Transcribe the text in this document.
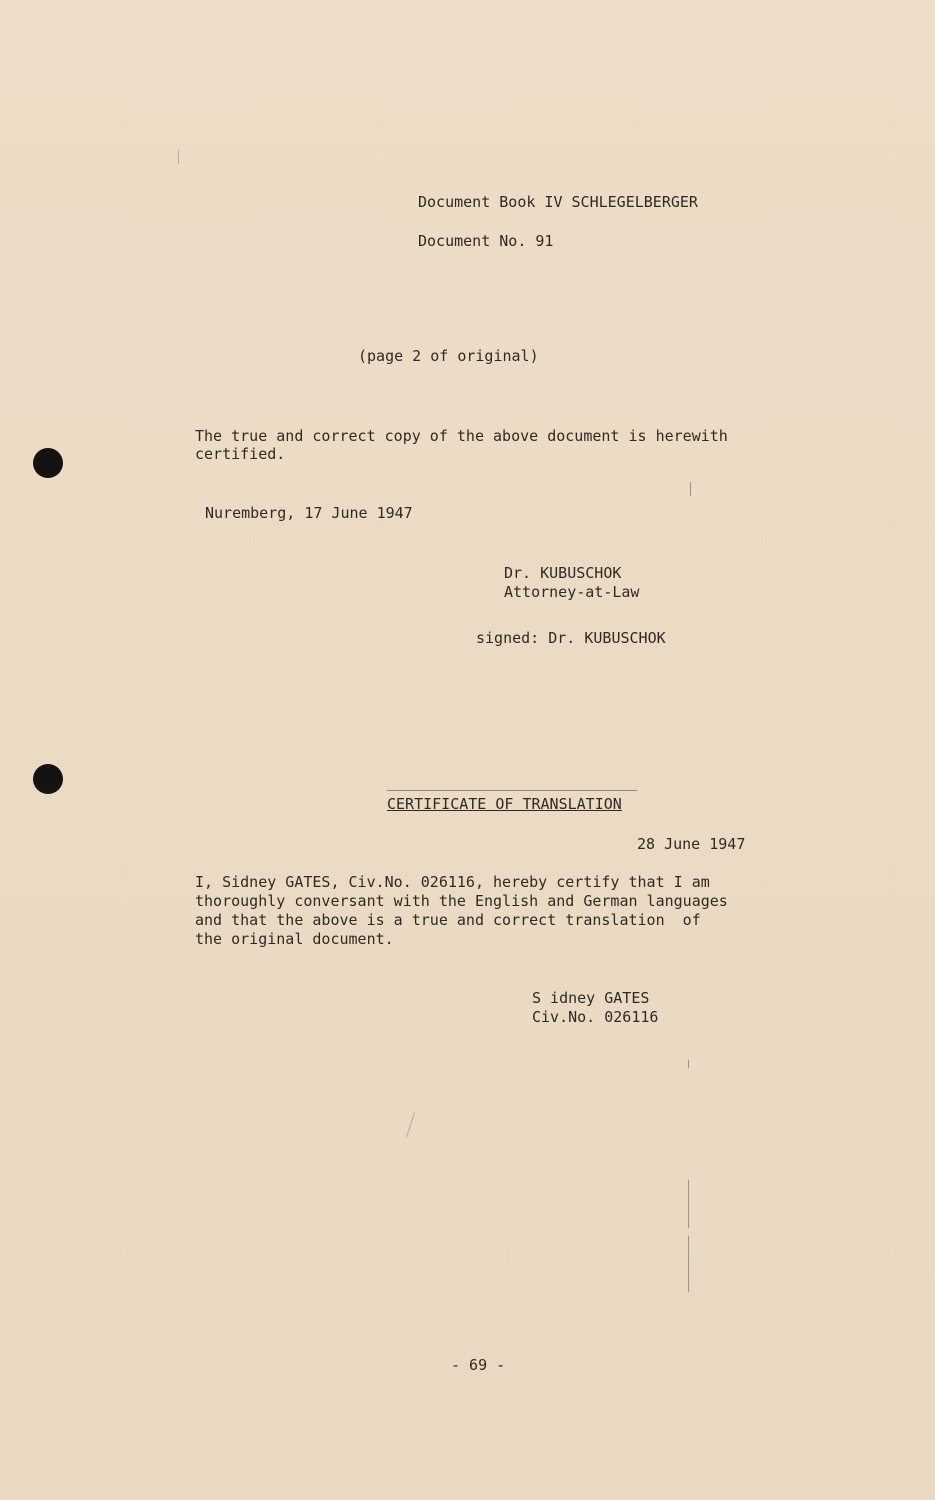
Document Book IV SCHLEGELBERGER
Document No. 91
(page 2 of original)
The true and correct copy of the above document is herewith
certified.
Nuremberg, 17 June 1947
Dr. KUBUSCHOK
Attorney-at-Law
signed: Dr. KUBUSCHOK
CERTIFICATE OF TRANSLATION
28 June 1947
I, Sidney GATES, Civ.No. 026116, hereby certify that I am
thoroughly conversant with the English and German languages
and that the above is a true and correct translation  of
the original document.
S idney GATES
Civ.No. 026116
- 69 -
